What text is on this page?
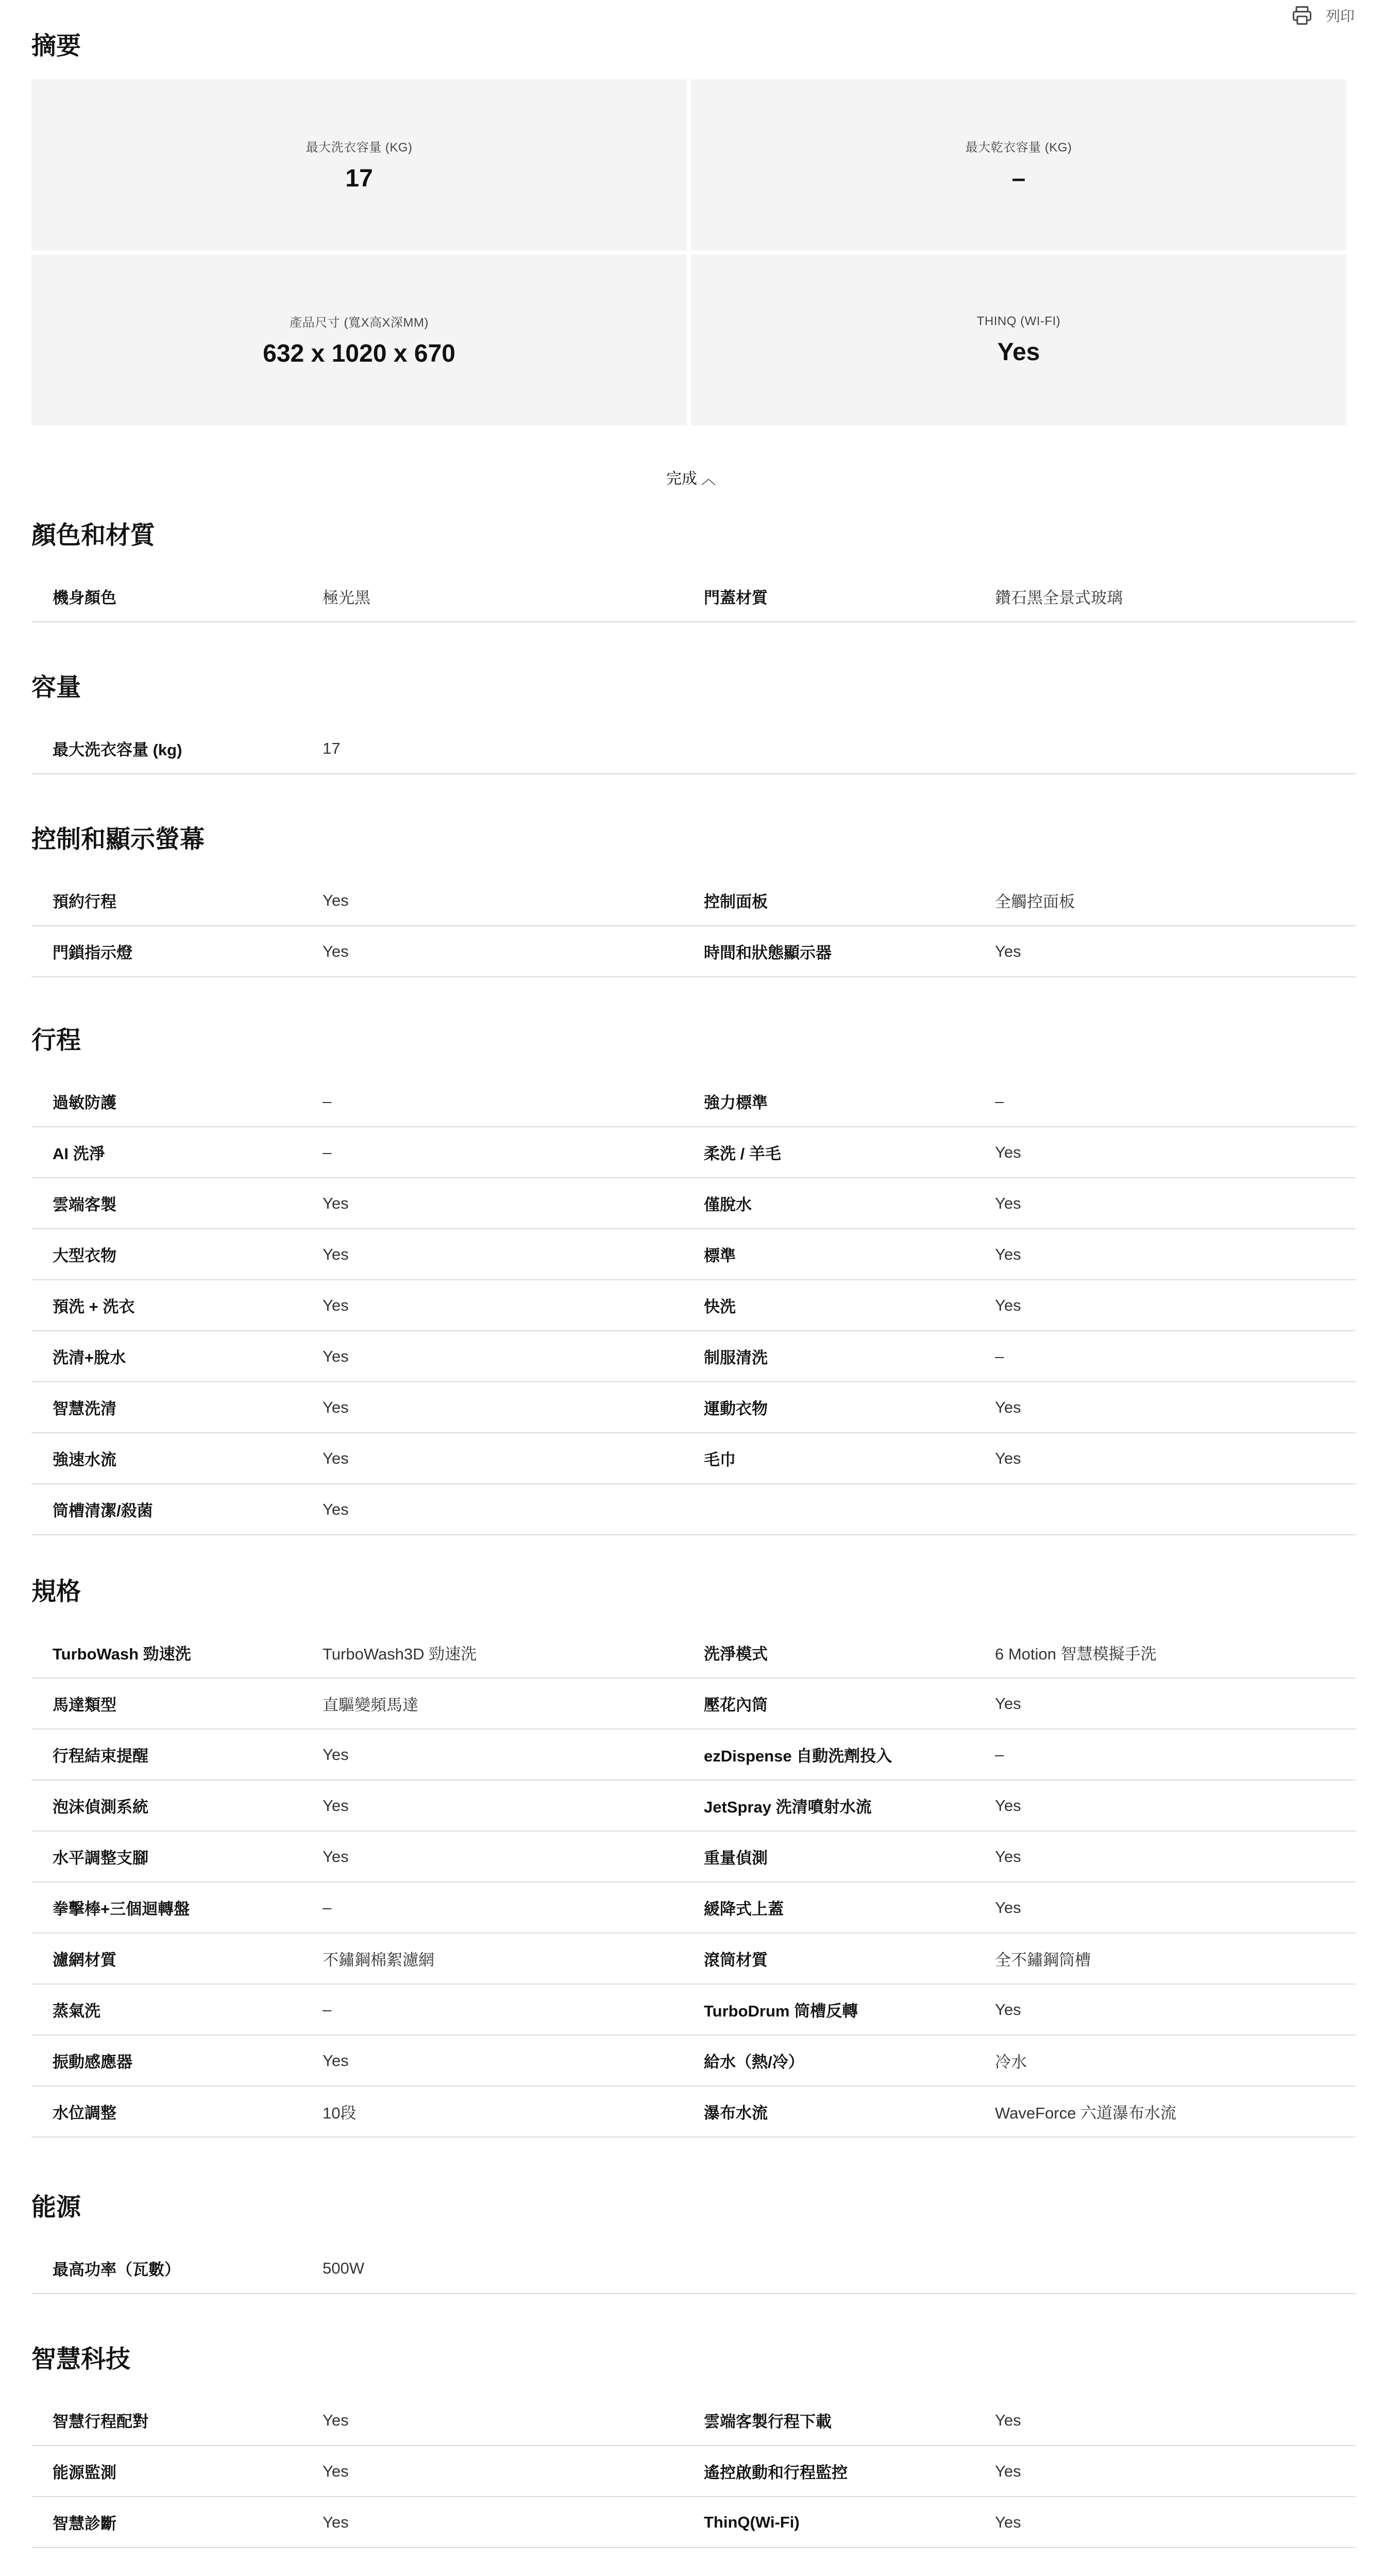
列印
摘要
最大洗衣容量 (KG)
17
最大乾衣容量 (KG)
–
產品尺寸 (寬X高X深MM)
632 x 1020 x 670
THINQ (WI-FI)
Yes
完成 ︿
顏色和材質
機身顏色	極光黑	門蓋材質	鑽石黑全景式玻璃
容量
最大洗衣容量 (kg)	17
控制和顯示螢幕
預約行程	Yes	控制面板	全觸控面板
門鎖指示燈	Yes	時間和狀態顯示器	Yes
行程
過敏防護	–	強力標準	–
AI 洗淨	–	柔洗 / 羊毛	Yes
雲端客製	Yes	僅脫水	Yes
大型衣物	Yes	標準	Yes
預洗 + 洗衣	Yes	快洗	Yes
洗清+脫水	Yes	制服清洗	–
智慧洗清	Yes	運動衣物	Yes
強速水流	Yes	毛巾	Yes
筒槽清潔/殺菌	Yes
規格
TurboWash 勁速洗	TurboWash3D 勁速洗	洗淨模式	6 Motion 智慧模擬手洗
馬達類型	直驅變頻馬達	壓花內筒	Yes
行程結束提醒	Yes	ezDispense 自動洗劑投入	–
泡沫偵測系統	Yes	JetSpray 洗清噴射水流	Yes
水平調整支腳	Yes	重量偵測	Yes
拳擊棒+三個迴轉盤	–	緩降式上蓋	Yes
濾網材質	不鏽鋼棉絮濾網	滾筒材質	全不鏽鋼筒槽
蒸氣洗	–	TurboDrum 筒槽反轉	Yes
振動感應器	Yes	給水（熱/冷）	冷水
水位調整	10段	瀑布水流	WaveForce 六道瀑布水流
能源
最高功率（瓦數）	500W
智慧科技
智慧行程配對	Yes	雲端客製行程下載	Yes
能源監測	Yes	遙控啟動和行程監控	Yes
智慧診斷	Yes	ThinQ(Wi-Fi)	Yes
